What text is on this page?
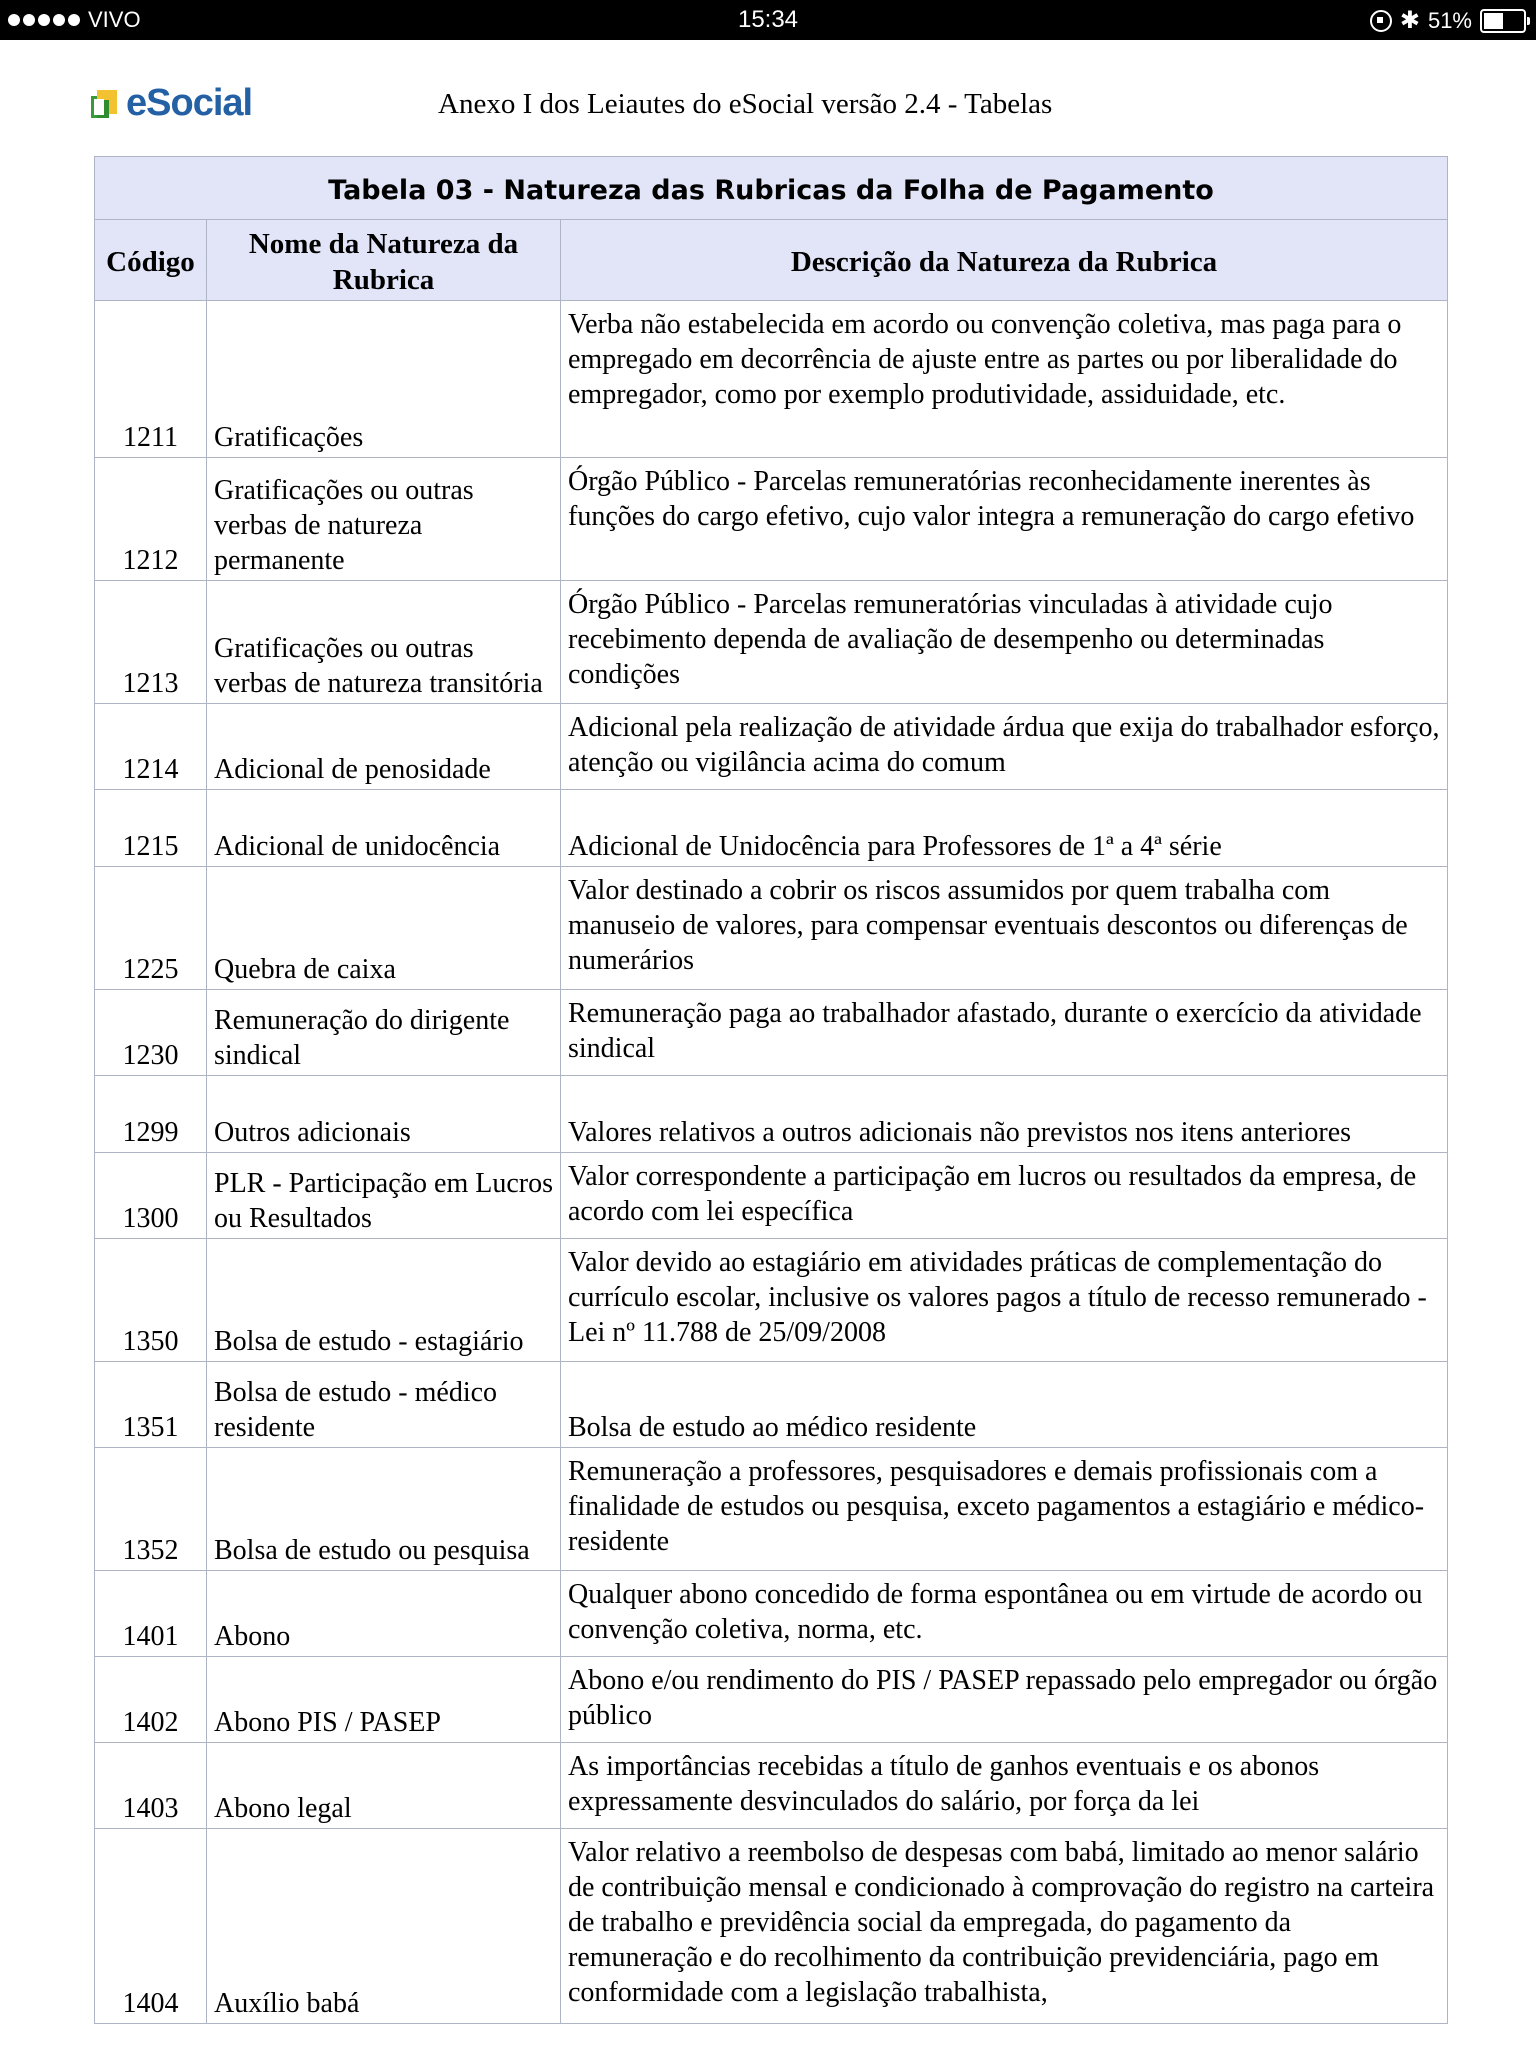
VIVO	15:34	✱ 51%
eSocial	Anexo I dos Leiautes do eSocial versão 2.4 - Tabelas
Tabela 03 - Natureza das Rubricas da Folha de Pagamento		
Código	Nome da Natureza da Rubrica	Descrição da Natureza da Rubrica
1211	Gratificações	Verba não estabelecida em acordo ou convenção coletiva, mas paga para o empregado em decorrência de ajuste entre as partes ou por liberalidade do empregador, como por exemplo produtividade, assiduidade, etc.
1212	Gratificações ou outras verbas de natureza permanente	Órgão Público - Parcelas remuneratórias reconhecidamente inerentes às funções do cargo efetivo, cujo valor integra a remuneração do cargo efetivo
1213	Gratificações ou outras verbas de natureza transitória	Órgão Público - Parcelas remuneratórias vinculadas à atividade cujo recebimento dependa de avaliação de desempenho ou determinadas condições
1214	Adicional de penosidade	Adicional pela realização de atividade árdua que exija do trabalhador esforço, atenção ou vigilância acima do comum
1215	Adicional de unidocência	Adicional de Unidocência para Professores de 1ª a 4ª série
1225	Quebra de caixa	Valor destinado a cobrir os riscos assumidos por quem trabalha com manuseio de valores, para compensar eventuais descontos ou diferenças de numerários
1230	Remuneração do dirigente sindical	Remuneração paga ao trabalhador afastado, durante o exercício da atividade sindical
1299	Outros adicionais	Valores relativos a outros adicionais não previstos nos itens anteriores
1300	PLR - Participação em Lucros ou Resultados	Valor correspondente a participação em lucros ou resultados da empresa, de acordo com lei específica
1350	Bolsa de estudo - estagiário	Valor devido ao estagiário em atividades práticas de complementação do currículo escolar, inclusive os valores pagos a título de recesso remunerado - Lei nº 11.788 de 25/09/2008
1351	Bolsa de estudo - médico residente	Bolsa de estudo ao médico residente
1352	Bolsa de estudo ou pesquisa	Remuneração a professores, pesquisadores e demais profissionais com a finalidade de estudos ou pesquisa, exceto pagamentos a estagiário e médico-residente
1401	Abono	Qualquer abono concedido de forma espontânea ou em virtude de acordo ou convenção coletiva, norma, etc.
1402	Abono PIS / PASEP	Abono e/ou rendimento do PIS / PASEP repassado pelo empregador ou órgão público
1403	Abono legal	As importâncias recebidas a título de ganhos eventuais e os abonos expressamente desvinculados do salário, por força da lei
1404	Auxílio babá	Valor relativo a reembolso de despesas com babá, limitado ao menor salário de contribuição mensal e condicionado à comprovação do registro na carteira de trabalho e previdência social da empregada, do pagamento da remuneração e do recolhimento da contribuição previdenciária, pago em conformidade com a legislação trabalhista,
